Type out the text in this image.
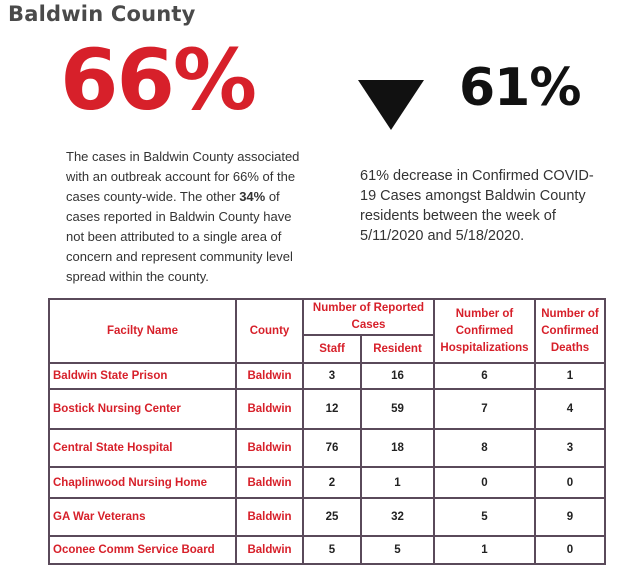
Baldwin County
66%
The cases in Baldwin County associated with an outbreak account for 66% of the cases county-wide. The other 34% of cases reported in Baldwin County have not been attributed to a single area of concern and represent community level spread within the county.
61%
61% decrease in Confirmed COVID-19 Cases amongst Baldwin County residents between the week of 5/11/2020 and 5/18/2020.
Facilty Name	County	Number of Reported Cases		Number of Confirmed Hospitalizations	Number of Confirmed Deaths
		Staff	Resident		
Baldwin State Prison	Baldwin	3	16	6	1
Bostick Nursing Center	Baldwin	12	59	7	4
Central State Hospital	Baldwin	76	18	8	3
Chaplinwood Nursing Home	Baldwin	2	1	0	0
GA War Veterans	Baldwin	25	32	5	9
Oconee Comm Service Board	Baldwin	5	5	1	0
